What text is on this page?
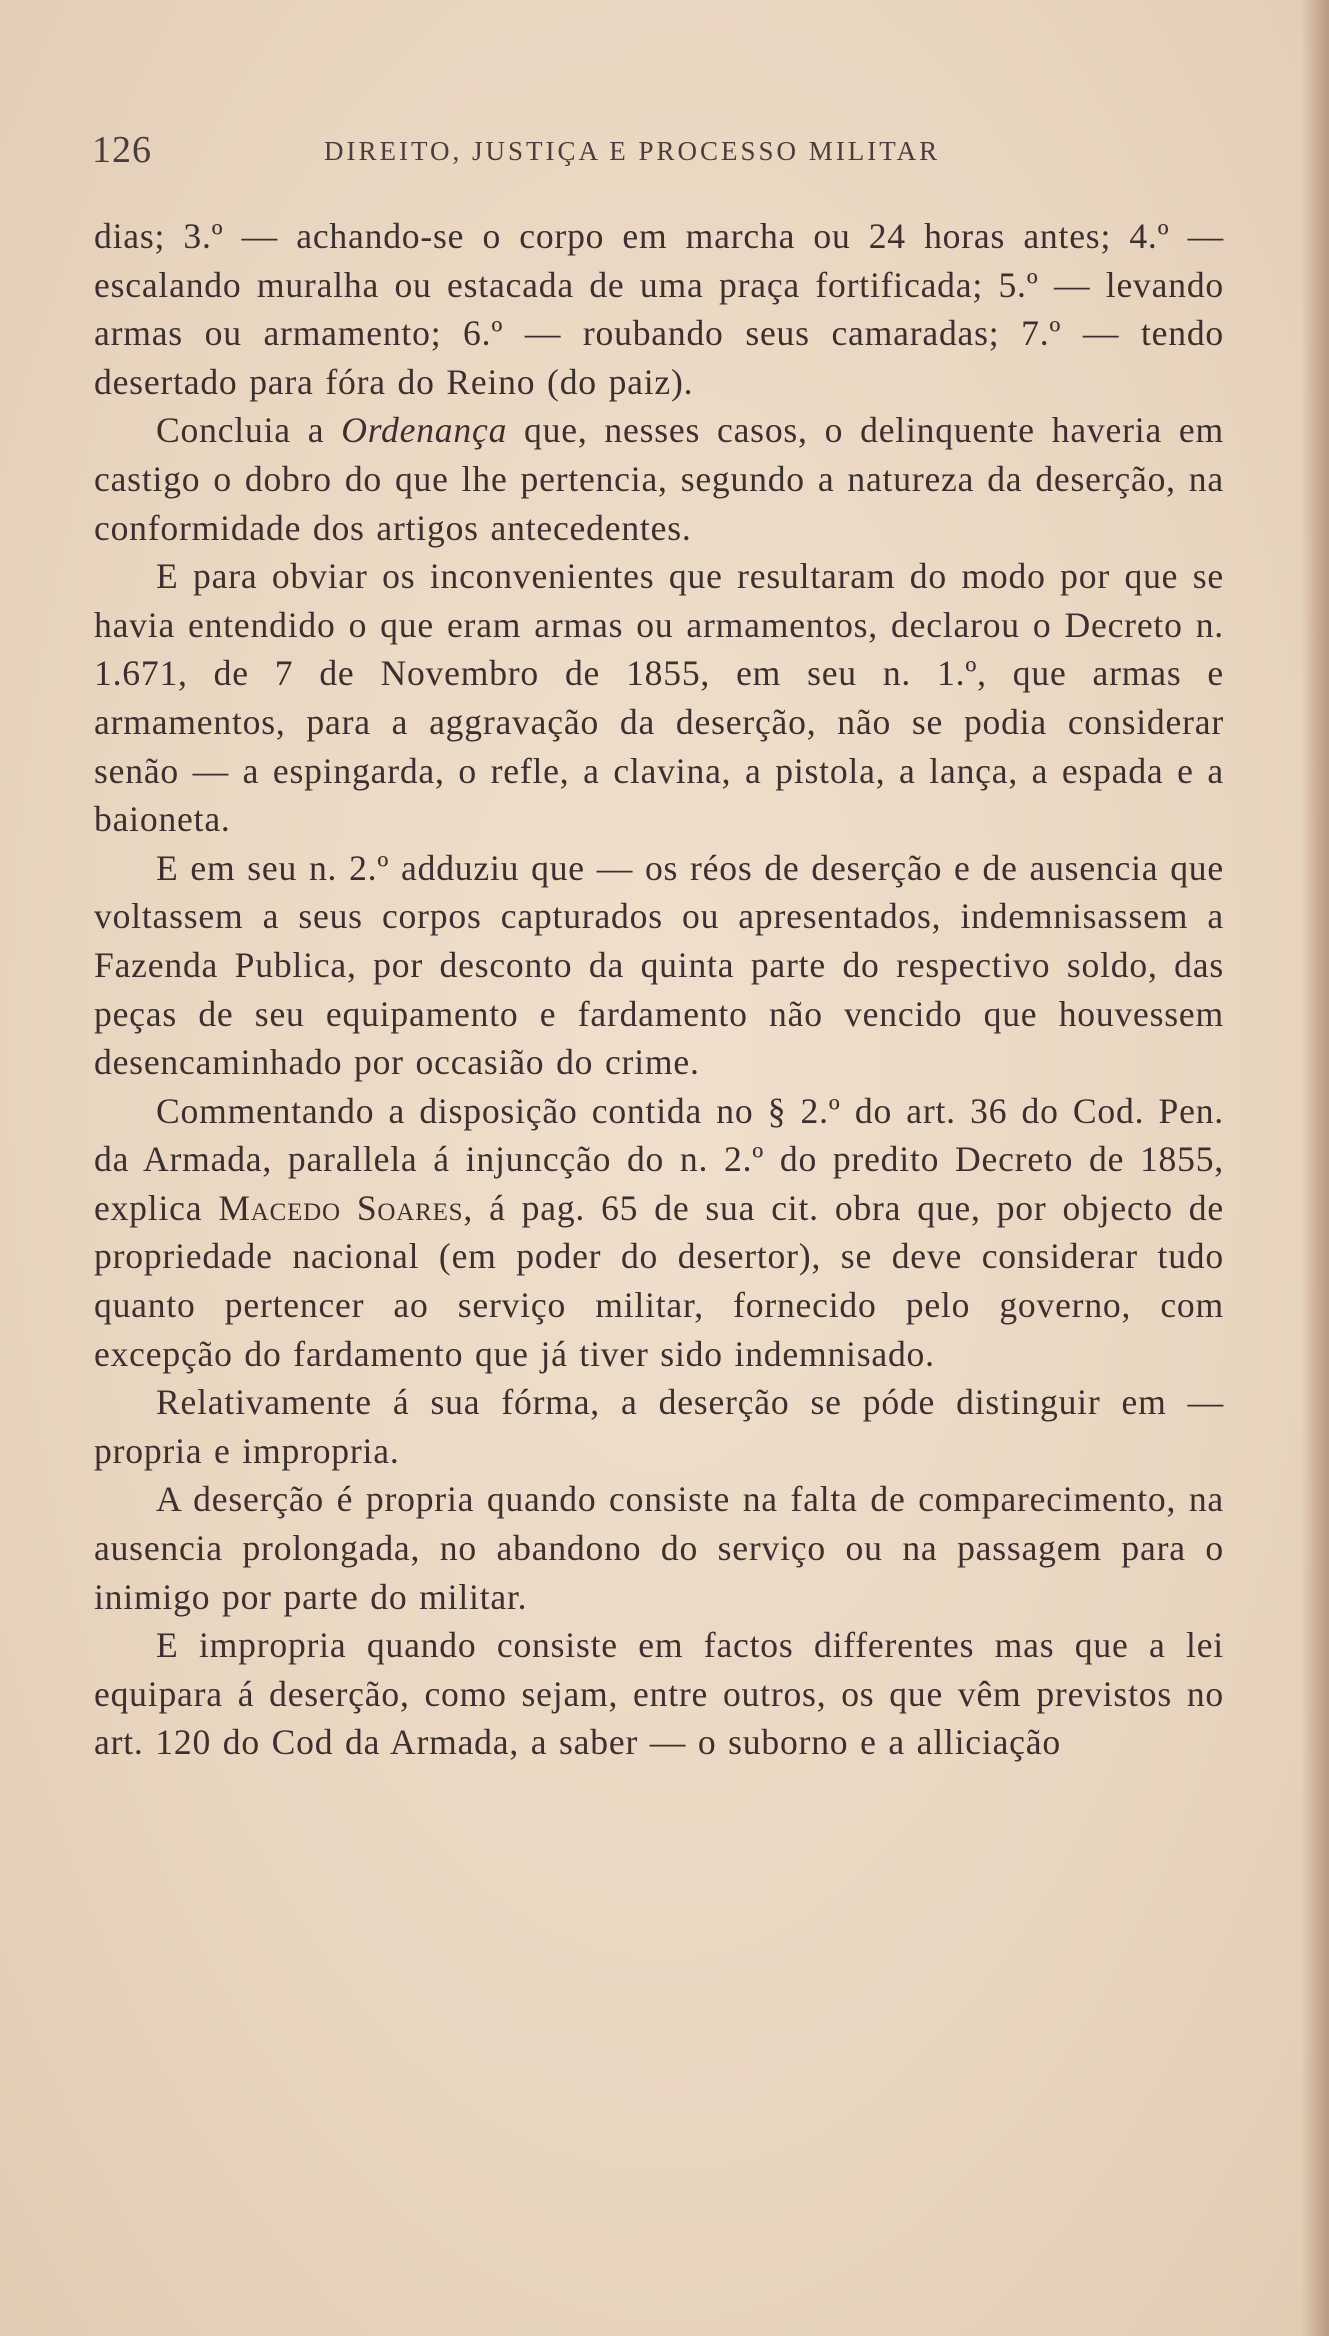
126	DIREITO, JUSTIÇA E PROCESSO MILITAR

dias; 3.º — achando-se o corpo em marcha ou 24 horas antes; 4.º — escalando muralha ou estacada de uma praça fortificada; 5.º — levando armas ou armamento; 6.º — roubando seus camaradas; 7.º — tendo desertado para fóra do Reino (do paiz).

Concluia a Ordenança que, nesses casos, o delinquente haveria em castigo o dobro do que lhe pertencia, segundo a natureza da deserção, na conformidade dos artigos antecedentes.

E para obviar os inconvenientes que resultaram do modo por que se havia entendido o que eram armas ou armamentos, declarou o Decreto n. 1.671, de 7 de Novembro de 1855, em seu n. 1.º, que armas e armamentos, para a aggravação da deserção, não se podia considerar senão — a espingarda, o refle, a clavina, a pistola, a lança, a espada e a baioneta.

E em seu n. 2.º adduziu que — os réos de deserção e de ausencia que voltassem a seus corpos capturados ou apresentados, indemnisassem a Fazenda Publica, por desconto da quinta parte do respectivo soldo, das peças de seu equipamento e fardamento não vencido que houvessem desencaminhado por occasião do crime.

Commentando a disposição contida no § 2.º do art. 36 do Cod. Pen. da Armada, parallela á injuncção do n. 2.º do predito Decreto de 1855, explica Macedo Soares, á pag. 65 de sua cit. obra que, por objecto de propriedade nacional (em poder do desertor), se deve considerar tudo quanto pertencer ao serviço militar, fornecido pelo governo, com excepção do fardamento que já tiver sido indemnisado.

Relativamente á sua fórma, a deserção se póde distinguir em — propria e impropria.

A deserção é propria quando consiste na falta de comparecimento, na ausencia prolongada, no abandono do serviço ou na passagem para o inimigo por parte do militar.

E impropria quando consiste em factos differentes mas que a lei equipara á deserção, como sejam, entre outros, os que vêm previstos no art. 120 do Cod da Armada, a saber — o suborno e a alliciação
